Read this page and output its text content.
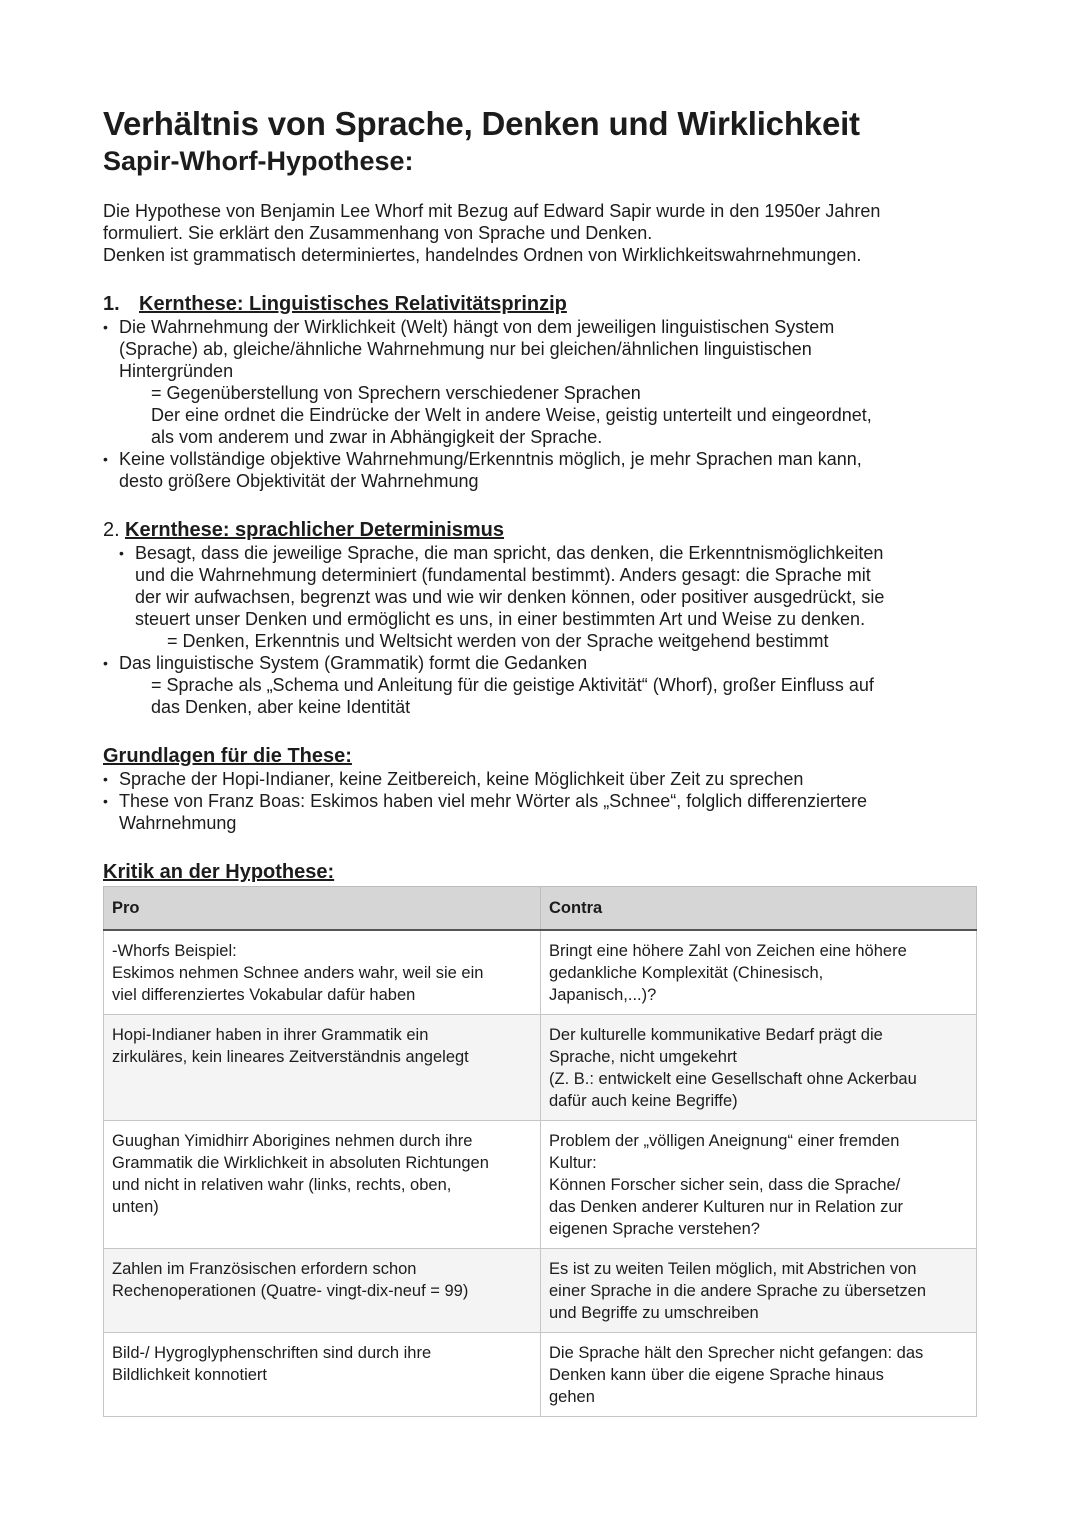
Verhältnis von Sprache, Denken und Wirklichkeit
Sapir-Whorf-Hypothese:

Die Hypothese von Benjamin Lee Whorf mit Bezug auf Edward Sapir wurde in den 1950er Jahren
formuliert. Sie erklärt den Zusammenhang von Sprache und Denken.
Denken ist grammatisch determiniertes, handelndes Ordnen von Wirklichkeitswahrnehmungen.

1. Kernthese: Linguistisches Relativitätsprinzip
• Die Wahrnehmung der Wirklichkeit (Welt) hängt von dem jeweiligen linguistischen System
(Sprache) ab, gleiche/ähnliche Wahrnehmung nur bei gleichen/ähnlichen linguistischen
Hintergründen
= Gegenüberstellung von Sprechern verschiedener Sprachen
Der eine ordnet die Eindrücke der Welt in andere Weise, geistig unterteilt und eingeordnet,
als vom anderem und zwar in Abhängigkeit der Sprache.
• Keine vollständige objektive Wahrnehmung/Erkenntnis möglich, je mehr Sprachen man kann,
desto größere Objektivität der Wahrnehmung
2. Kernthese: sprachlicher Determinismus
• Besagt, dass die jeweilige Sprache, die man spricht, das denken, die Erkenntnismöglichkeiten
und die Wahrnehmung determiniert (fundamental bestimmt). Anders gesagt: die Sprache mit
der wir aufwachsen, begrenzt was und wie wir denken können, oder positiver ausgedrückt, sie
steuert unser Denken und ermöglicht es uns, in einer bestimmten Art und Weise zu denken.
= Denken, Erkenntnis und Weltsicht werden von der Sprache weitgehend bestimmt
• Das linguistische System (Grammatik) formt die Gedanken
= Sprache als „Schema und Anleitung für die geistige Aktivität“ (Whorf), großer Einfluss auf
das Denken, aber keine Identität
Grundlagen für die These:
• Sprache der Hopi-Indianer, keine Zeitbereich, keine Möglichkeit über Zeit zu sprechen
• These von Franz Boas: Eskimos haben viel mehr Wörter als „Schnee“, folglich differenziertere
Wahrnehmung
Kritik an der Hypothese:
Pro	Contra

-Whorfs Beispiel:
Eskimos nehmen Schnee anders wahr, weil sie ein
viel differenziertes Vokabular dafür haben	Bringt eine höhere Zahl von Zeichen eine höhere
gedankliche Komplexität (Chinesisch,
Japanisch,...)?

Hopi-Indianer haben in ihrer Grammatik ein
zirkuläres, kein lineares Zeitverständnis angelegt	Der kulturelle kommunikative Bedarf prägt die
Sprache, nicht umgekehrt
(Z. B.: entwickelt eine Gesellschaft ohne Ackerbau
dafür auch keine Begriffe)

Guughan Yimidhirr Aborigines nehmen durch ihre
Grammatik die Wirklichkeit in absoluten Richtungen
und nicht in relativen wahr (links, rechts, oben,
unten)	Problem der „völligen Aneignung“ einer fremden
Kultur:
Können Forscher sicher sein, dass die Sprache/
das Denken anderer Kulturen nur in Relation zur
eigenen Sprache verstehen?

Zahlen im Französischen erfordern schon
Rechenoperationen (Quatre- vingt-dix-neuf = 99)	Es ist zu weiten Teilen möglich, mit Abstrichen von
einer Sprache in die andere Sprache zu übersetzen
und Begriffe zu umschreiben

Bild-/ Hygroglyphenschriften sind durch ihre
Bildlichkeit konnotiert	Die Sprache hält den Sprecher nicht gefangen: das
Denken kann über die eigene Sprache hinaus
gehen
